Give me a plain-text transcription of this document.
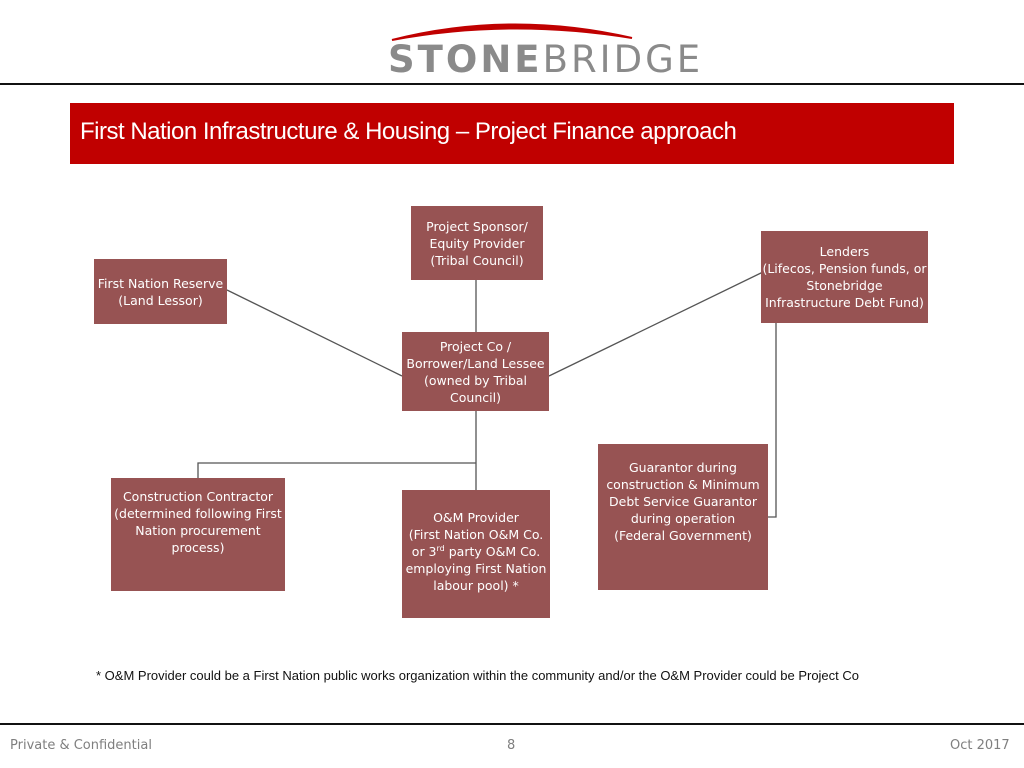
STONEBRIDGE
First Nation Infrastructure & Housing – Project Finance approach
Project Sponsor/
Equity Provider
(Tribal Council)
First Nation Reserve
(Land Lessor)
Lenders
(Lifecos, Pension funds, or
Stonebridge
Infrastructure Debt Fund)
Project Co /
Borrower/Land Lessee
(owned by Tribal
Council)
Guarantor during
construction & Minimum
Debt Service Guarantor
during operation
(Federal Government)
Construction Contractor
(determined following First
Nation procurement
process)
O&M Provider
(First Nation O&M Co.
or 3rd party O&M Co.
employing First Nation
labour pool) *
* O&M Provider could be a First Nation public works organization within the community and/or the O&M Provider could be Project Co
Private & Confidential	8	Oct 2017
